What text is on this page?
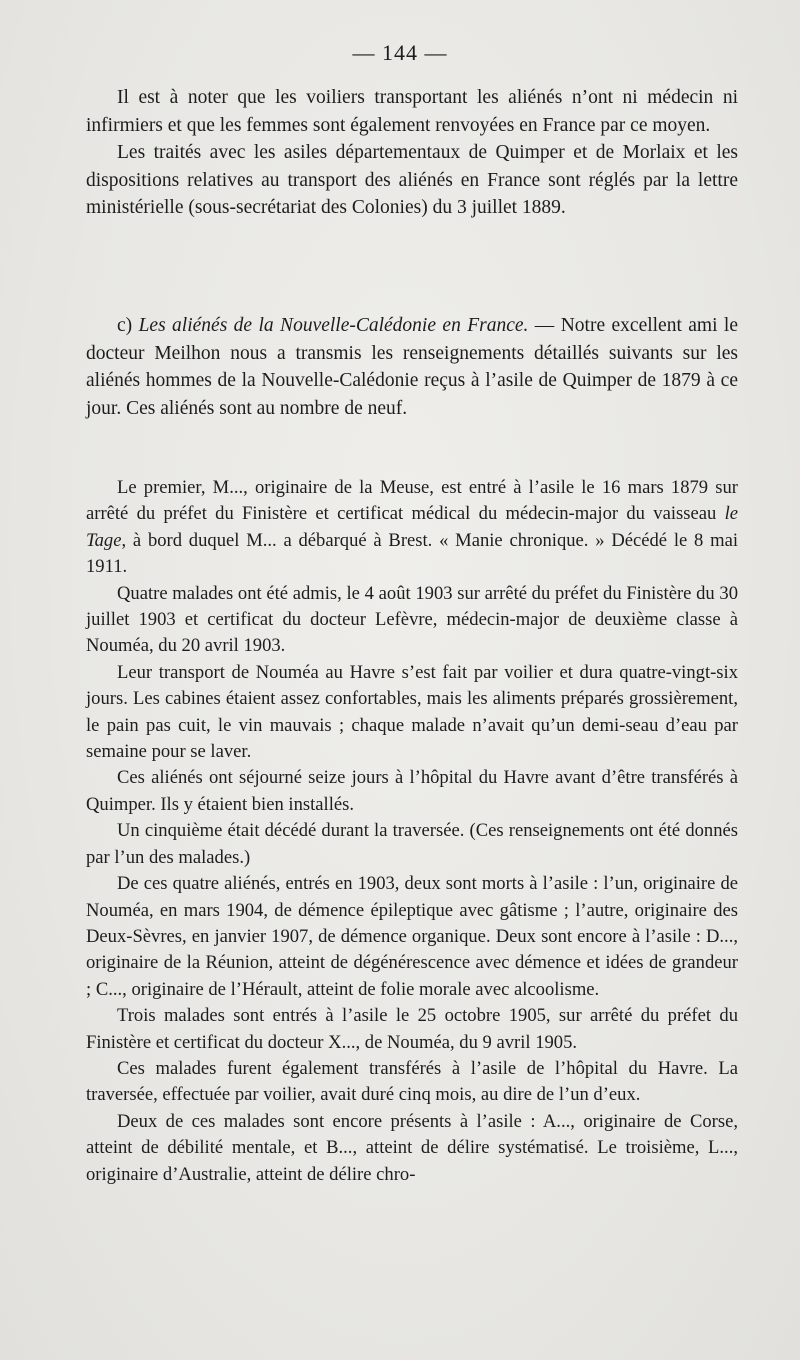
— 144 —

Il est à noter que les voiliers transportant les aliénés n’ont ni médecin ni infirmiers et que les femmes sont également renvoyées en France par ce moyen.

Les traités avec les asiles départementaux de Quimper et de Morlaix et les dispositions relatives au transport des aliénés en France sont réglés par la lettre ministérielle (sous-secrétariat des Colonies) du 3 juillet 1889.

c) Les aliénés de la Nouvelle-Calédonie en France. — Notre excellent ami le docteur Meilhon nous a transmis les renseignements détaillés suivants sur les aliénés hommes de la Nouvelle-Calédonie reçus à l’asile de Quimper de 1879 à ce jour. Ces aliénés sont au nombre de neuf.

Le premier, M..., originaire de la Meuse, est entré à l’asile le 16 mars 1879 sur arrêté du préfet du Finistère et certificat médical du médecin-major du vaisseau le Tage, à bord duquel M... a débarqué à Brest. « Manie chronique. » Décédé le 8 mai 1911.

Quatre malades ont été admis, le 4 août 1903 sur arrêté du préfet du Finistère du 30 juillet 1903 et certificat du docteur Lefèvre, médecin-major de deuxième classe à Nouméa, du 20 avril 1903.

Leur transport de Nouméa au Havre s’est fait par voilier et dura quatre-vingt-six jours. Les cabines étaient assez confortables, mais les aliments préparés grossièrement, le pain pas cuit, le vin mauvais ; chaque malade n’avait qu’un demi-seau d’eau par semaine pour se laver.

Ces aliénés ont séjourné seize jours à l’hôpital du Havre avant d’être transférés à Quimper. Ils y étaient bien installés.

Un cinquième était décédé durant la traversée. (Ces renseignements ont été donnés par l’un des malades.)

De ces quatre aliénés, entrés en 1903, deux sont morts à l’asile : l’un, originaire de Nouméa, en mars 1904, de démence épileptique avec gâtisme ; l’autre, originaire des Deux-Sèvres, en janvier 1907, de démence organique. Deux sont encore à l’asile : D..., originaire de la Réunion, atteint de dégénérescence avec démence et idées de grandeur ; C..., originaire de l’Hérault, atteint de folie morale avec alcoolisme.

Trois malades sont entrés à l’asile le 25 octobre 1905, sur arrêté du préfet du Finistère et certificat du docteur X..., de Nouméa, du 9 avril 1905.

Ces malades furent également transférés à l’asile de l’hôpital du Havre. La traversée, effectuée par voilier, avait duré cinq mois, au dire de l’un d’eux.

Deux de ces malades sont encore présents à l’asile : A..., originaire de Corse, atteint de débilité mentale, et B..., atteint de délire systématisé. Le troisième, L..., originaire d’Australie, atteint de délire chro-
